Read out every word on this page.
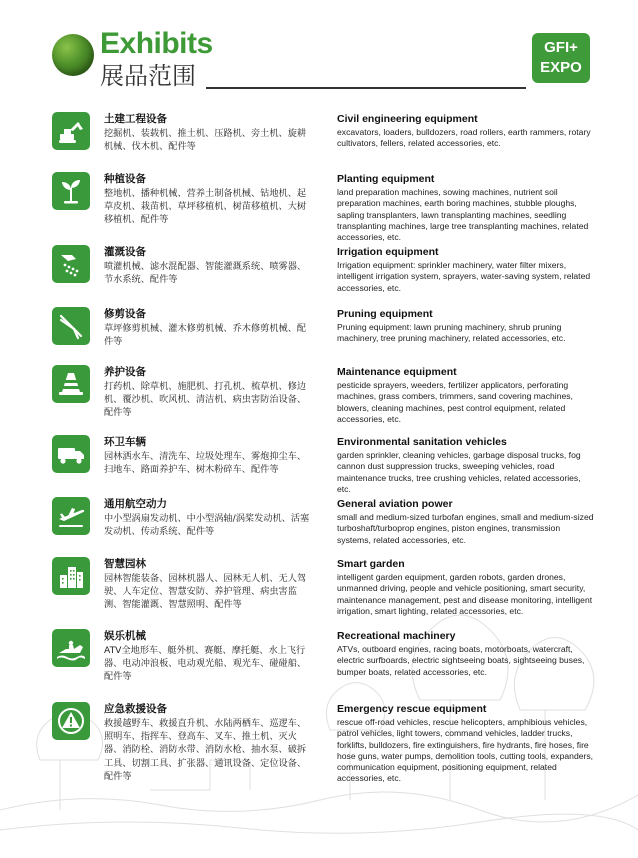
Exhibits
展品范围
GFI+
EXPO
土建工程设备
挖掘机、装载机、推土机、压路机、旁土机、旋耕机械、伐木机、配件等
Civil engineering equipment
excavators, loaders, bulldozers, road rollers, earth rammers, rotary cultivators, fellers, related accessories, etc.
种植设备
整地机、播种机械、营养土制备机械、钻地机、起草皮机、栽苗机、草坪移植机、树苗移植机、大树移植机、配件等
Planting equipment
land preparation machines, sowing machines, nutrient soil preparation machines, earth boring machines, stubble ploughs, sapling transplanters, lawn transplanting machines, seedling transplanting machines, large tree transplanting machines, related accessories, etc.
灌溉设备
喷灌机械、滤水混配器、智能灌溉系统、喷雾器、节水系统、配件等
Irrigation equipment
Irrigation equipment: sprinkler machinery, water filter mixers, intelligent irrigation system, sprayers, water-saving system, related accessories, etc.
修剪设备
草坪修剪机械、灌木修剪机械、乔木修剪机械、配件等
Pruning equipment
Pruning equipment: lawn pruning machinery, shrub pruning machinery, tree pruning machinery, related accessories, etc.
养护设备
打药机、除草机、施肥机、打孔机、梳草机、修边机、覆沙机、吹风机、清洁机、病虫害防治设备、配件等
Maintenance equipment
pesticide sprayers, weeders, fertilizer applicators, perforating machines, grass combers, trimmers, sand covering machines, blowers, cleaning machines, pest control equipment, related accessories, etc.
环卫车辆
园林洒水车、清洗车、垃圾处理车、雾炮抑尘车、扫地车、路面养护车、树木粉碎车、配件等
Environmental sanitation vehicles
garden sprinkler, cleaning vehicles, garbage disposal trucks, fog cannon dust suppression trucks, sweeping vehicles, road maintenance trucks, tree crushing vehicles, related accessories, etc.
通用航空动力
中小型涡扇发动机、中小型涡轴/涡桨发动机、活塞发动机、传动系统、配件等
General aviation power
small and medium-sized turbofan engines, small and medium-sized turboshaft/turboprop engines, piston engines, transmission systems, related accessories, etc.
智慧园林
园林智能装备、园林机器人、园林无人机、无人驾驶、人车定位、智慧安防、养护管理、病虫害监测、智能灌溉、智慧照明、配件等
Smart garden
intelligent garden equipment, garden robots, garden drones, unmanned driving, people and vehicle positioning, smart security, maintenance management, pest and disease monitoring, intelligent irrigation, smart lighting, related accessories, etc.
娱乐机械
ATV全地形车、艇外机、赛艇、摩托艇、水上飞行器、电动冲浪板、电动观光船、观光车、碰碰船、配件等
Recreational machinery
ATVs, outboard engines, racing boats, motorboats, watercraft, electric surfboards, electric sightseeing boats, sightseeing buses, bumper boats, related accessories, etc.
应急救援设备
救援越野车、救援直升机、水陆两栖车、巡逻车、照明车、指挥车、登高车、叉车、推土机、灭火器、消防栓、消防水带、消防水枪、抽水泵、破拆工具、切割工具、扩张器、通讯设备、定位设备、配件等
Emergency rescue equipment
rescue off-road vehicles, rescue helicopters, amphibious vehicles, patrol vehicles, light towers, command vehicles, ladder trucks, forklifts, bulldozers, fire extinguishers, fire hydrants, fire hoses, fire hose guns, water pumps, demolition tools, cutting tools, expanders, communication equipment, positioning equipment, related accessories, etc.
